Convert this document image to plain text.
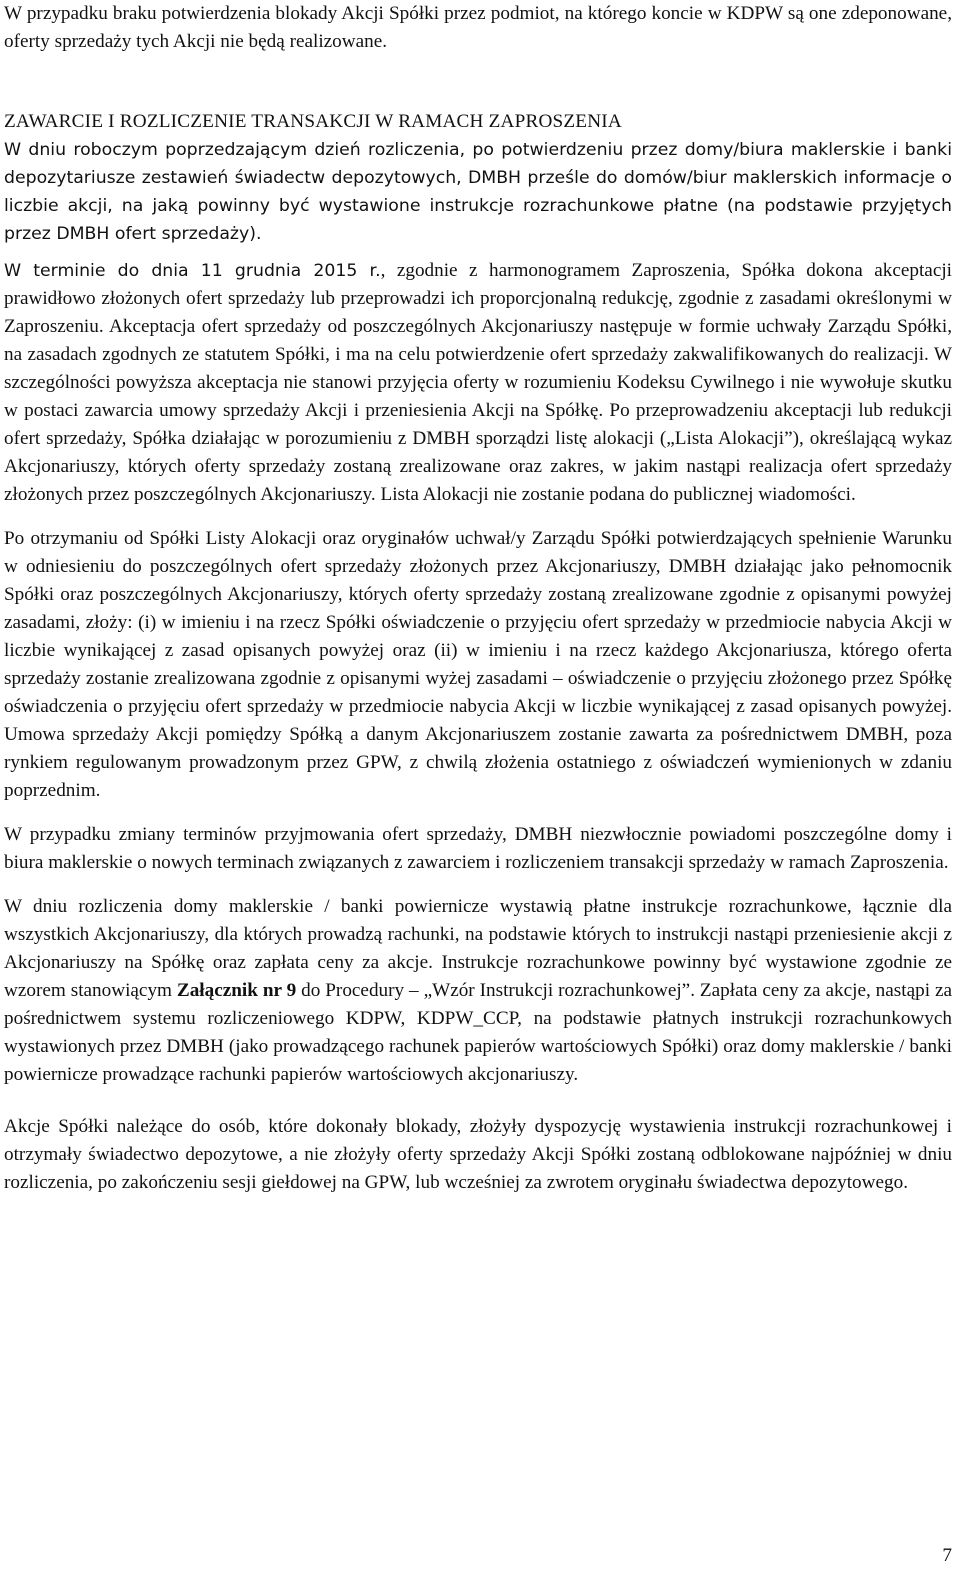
W przypadku braku potwierdzenia blokady Akcji Spółki przez podmiot, na którego koncie w KDPW są one zdeponowane, oferty sprzedaży tych Akcji nie będą realizowane.

ZAWARCIE I ROZLICZENIE TRANSAKCJI W RAMACH ZAPROSZENIA

W dniu roboczym poprzedzającym dzień rozliczenia, po potwierdzeniu przez domy/biura maklerskie i banki depozytariusze zestawień świadectw depozytowych, DMBH prześle do domów/biur maklerskich informacje o liczbie akcji, na jaką powinny być wystawione instrukcje rozrachunkowe płatne (na podstawie przyjętych przez DMBH ofert sprzedaży).

W terminie do dnia 11 grudnia 2015 r., zgodnie z harmonogramem Zaproszenia, Spółka dokona akceptacji prawidłowo złożonych ofert sprzedaży lub przeprowadzi ich proporcjonalną redukcję, zgodnie z zasadami określonymi w Zaproszeniu. Akceptacja ofert sprzedaży od poszczególnych Akcjonariuszy następuje w formie uchwały Zarządu Spółki, na zasadach zgodnych ze statutem Spółki, i ma na celu potwierdzenie ofert sprzedaży zakwalifikowanych do realizacji. W szczególności powyższa akceptacja nie stanowi przyjęcia oferty w rozumieniu Kodeksu Cywilnego i nie wywołuje skutku w postaci zawarcia umowy sprzedaży Akcji i przeniesienia Akcji na Spółkę. Po przeprowadzeniu akceptacji lub redukcji ofert sprzedaży, Spółka działając w porozumieniu z DMBH sporządzi listę alokacji („Lista Alokacji”), określającą wykaz Akcjonariuszy, których oferty sprzedaży zostaną zrealizowane oraz zakres, w jakim nastąpi realizacja ofert sprzedaży złożonych przez poszczególnych Akcjonariuszy. Lista Alokacji nie zostanie podana do publicznej wiadomości.

Po otrzymaniu od Spółki Listy Alokacji oraz oryginałów uchwał/y Zarządu Spółki potwierdzających spełnienie Warunku w odniesieniu do poszczególnych ofert sprzedaży złożonych przez Akcjonariuszy, DMBH działając jako pełnomocnik Spółki oraz poszczególnych Akcjonariuszy, których oferty sprzedaży zostaną zrealizowane zgodnie z opisanymi powyżej zasadami, złoży: (i) w imieniu i na rzecz Spółki oświadczenie o przyjęciu ofert sprzedaży w przedmiocie nabycia Akcji w liczbie wynikającej z zasad opisanych powyżej oraz (ii) w imieniu i na rzecz każdego Akcjonariusza, którego oferta sprzedaży zostanie zrealizowana zgodnie z opisanymi wyżej zasadami – oświadczenie o przyjęciu złożonego przez Spółkę oświadczenia o przyjęciu ofert sprzedaży w przedmiocie nabycia Akcji w liczbie wynikającej z zasad opisanych powyżej. Umowa sprzedaży Akcji pomiędzy Spółką a danym Akcjonariuszem zostanie zawarta za pośrednictwem DMBH, poza rynkiem regulowanym prowadzonym przez GPW, z chwilą złożenia ostatniego z oświadczeń wymienionych w zdaniu poprzednim.

W przypadku zmiany terminów przyjmowania ofert sprzedaży, DMBH niezwłocznie powiadomi poszczególne domy i biura maklerskie o nowych terminach związanych z zawarciem i rozliczeniem transakcji sprzedaży w ramach Zaproszenia.

W dniu rozliczenia domy maklerskie / banki powiernicze wystawią płatne instrukcje rozrachunkowe, łącznie dla wszystkich Akcjonariuszy, dla których prowadzą rachunki, na podstawie których to instrukcji nastąpi przeniesienie akcji z Akcjonariuszy na Spółkę oraz zapłata ceny za akcje. Instrukcje rozrachunkowe powinny być wystawione zgodnie ze wzorem stanowiącym Załącznik nr 9 do Procedury – „Wzór Instrukcji rozrachunkowej”. Zapłata ceny za akcje, nastąpi za pośrednictwem systemu rozliczeniowego KDPW, KDPW_CCP, na podstawie płatnych instrukcji rozrachunkowych wystawionych przez DMBH (jako prowadzącego rachunek papierów wartościowych Spółki) oraz domy maklerskie / banki powiernicze prowadzące rachunki papierów wartościowych akcjonariuszy.

Akcje Spółki należące do osób, które dokonały blokady, złożyły dyspozycję wystawienia instrukcji rozrachunkowej i otrzymały świadectwo depozytowe, a nie złożyły oferty sprzedaży Akcji Spółki zostaną odblokowane najpóźniej w dniu rozliczenia, po zakończeniu sesji giełdowej na GPW, lub wcześniej za zwrotem oryginału świadectwa depozytowego.

7
